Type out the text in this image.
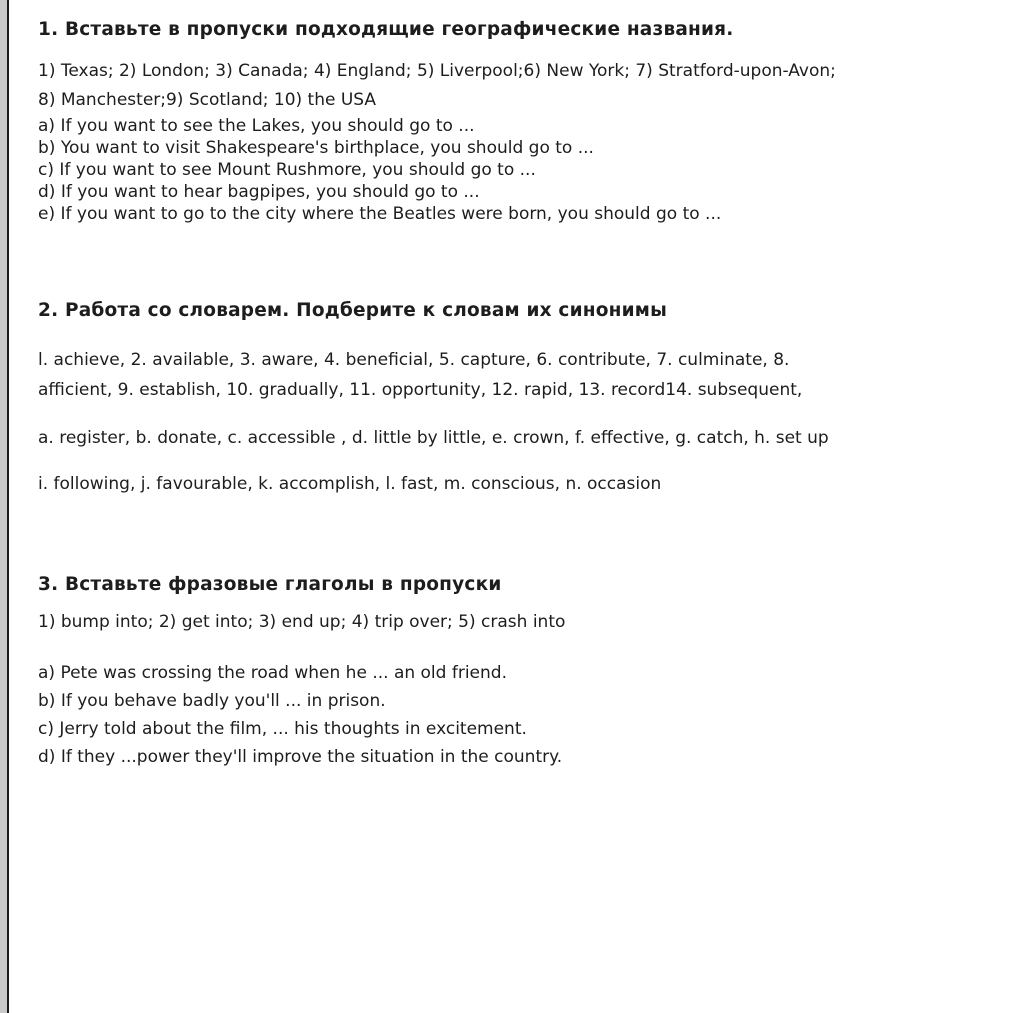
1. Вставьте в пропуски подходящие географические названия.

1) Texas; 2) London; 3) Canada; 4) England; 5) Liverpool;6) New York; 7) Stratford-upon-Avon;
8) Manchester;9) Scotland; 10) the USA

a) If you want to see the Lakes, you should go to ...

b) You want to visit Shakespeare's birthplace, you should go to ...

c) If you want to see Mount Rushmore, you should go to ...

d) If you want to hear bagpipes, you should go to ...

e) If you want to go to the city where the Beatles were born, you should go to ...

2. Работа со словарем. Подберите к словам их синонимы

l. achieve, 2. available, 3. aware, 4. beneficial, 5. capture, 6. contribute, 7. culminate, 8.
afficient, 9. establish, 10. gradually, 11. opportunity, 12. rapid, 13. record14. subsequent,

a. register, b. donate, c. accessible , d. little by little, e. crown, f. effective, g. catch, h. set up

i. following, j. favourable, k. accomplish, l. fast, m. conscious, n. occasion

3. Вставьте фразовые глаголы в пропуски

1) bump into; 2) get into; 3) end up; 4) trip over; 5) crash into

a) Pete was crossing the road when he ... an old friend.

b) If you behave badly you'll ... in prison.

c) Jerry told about the film, ... his thoughts in excitement.

d) If they ...power they'll improve the situation in the country.
